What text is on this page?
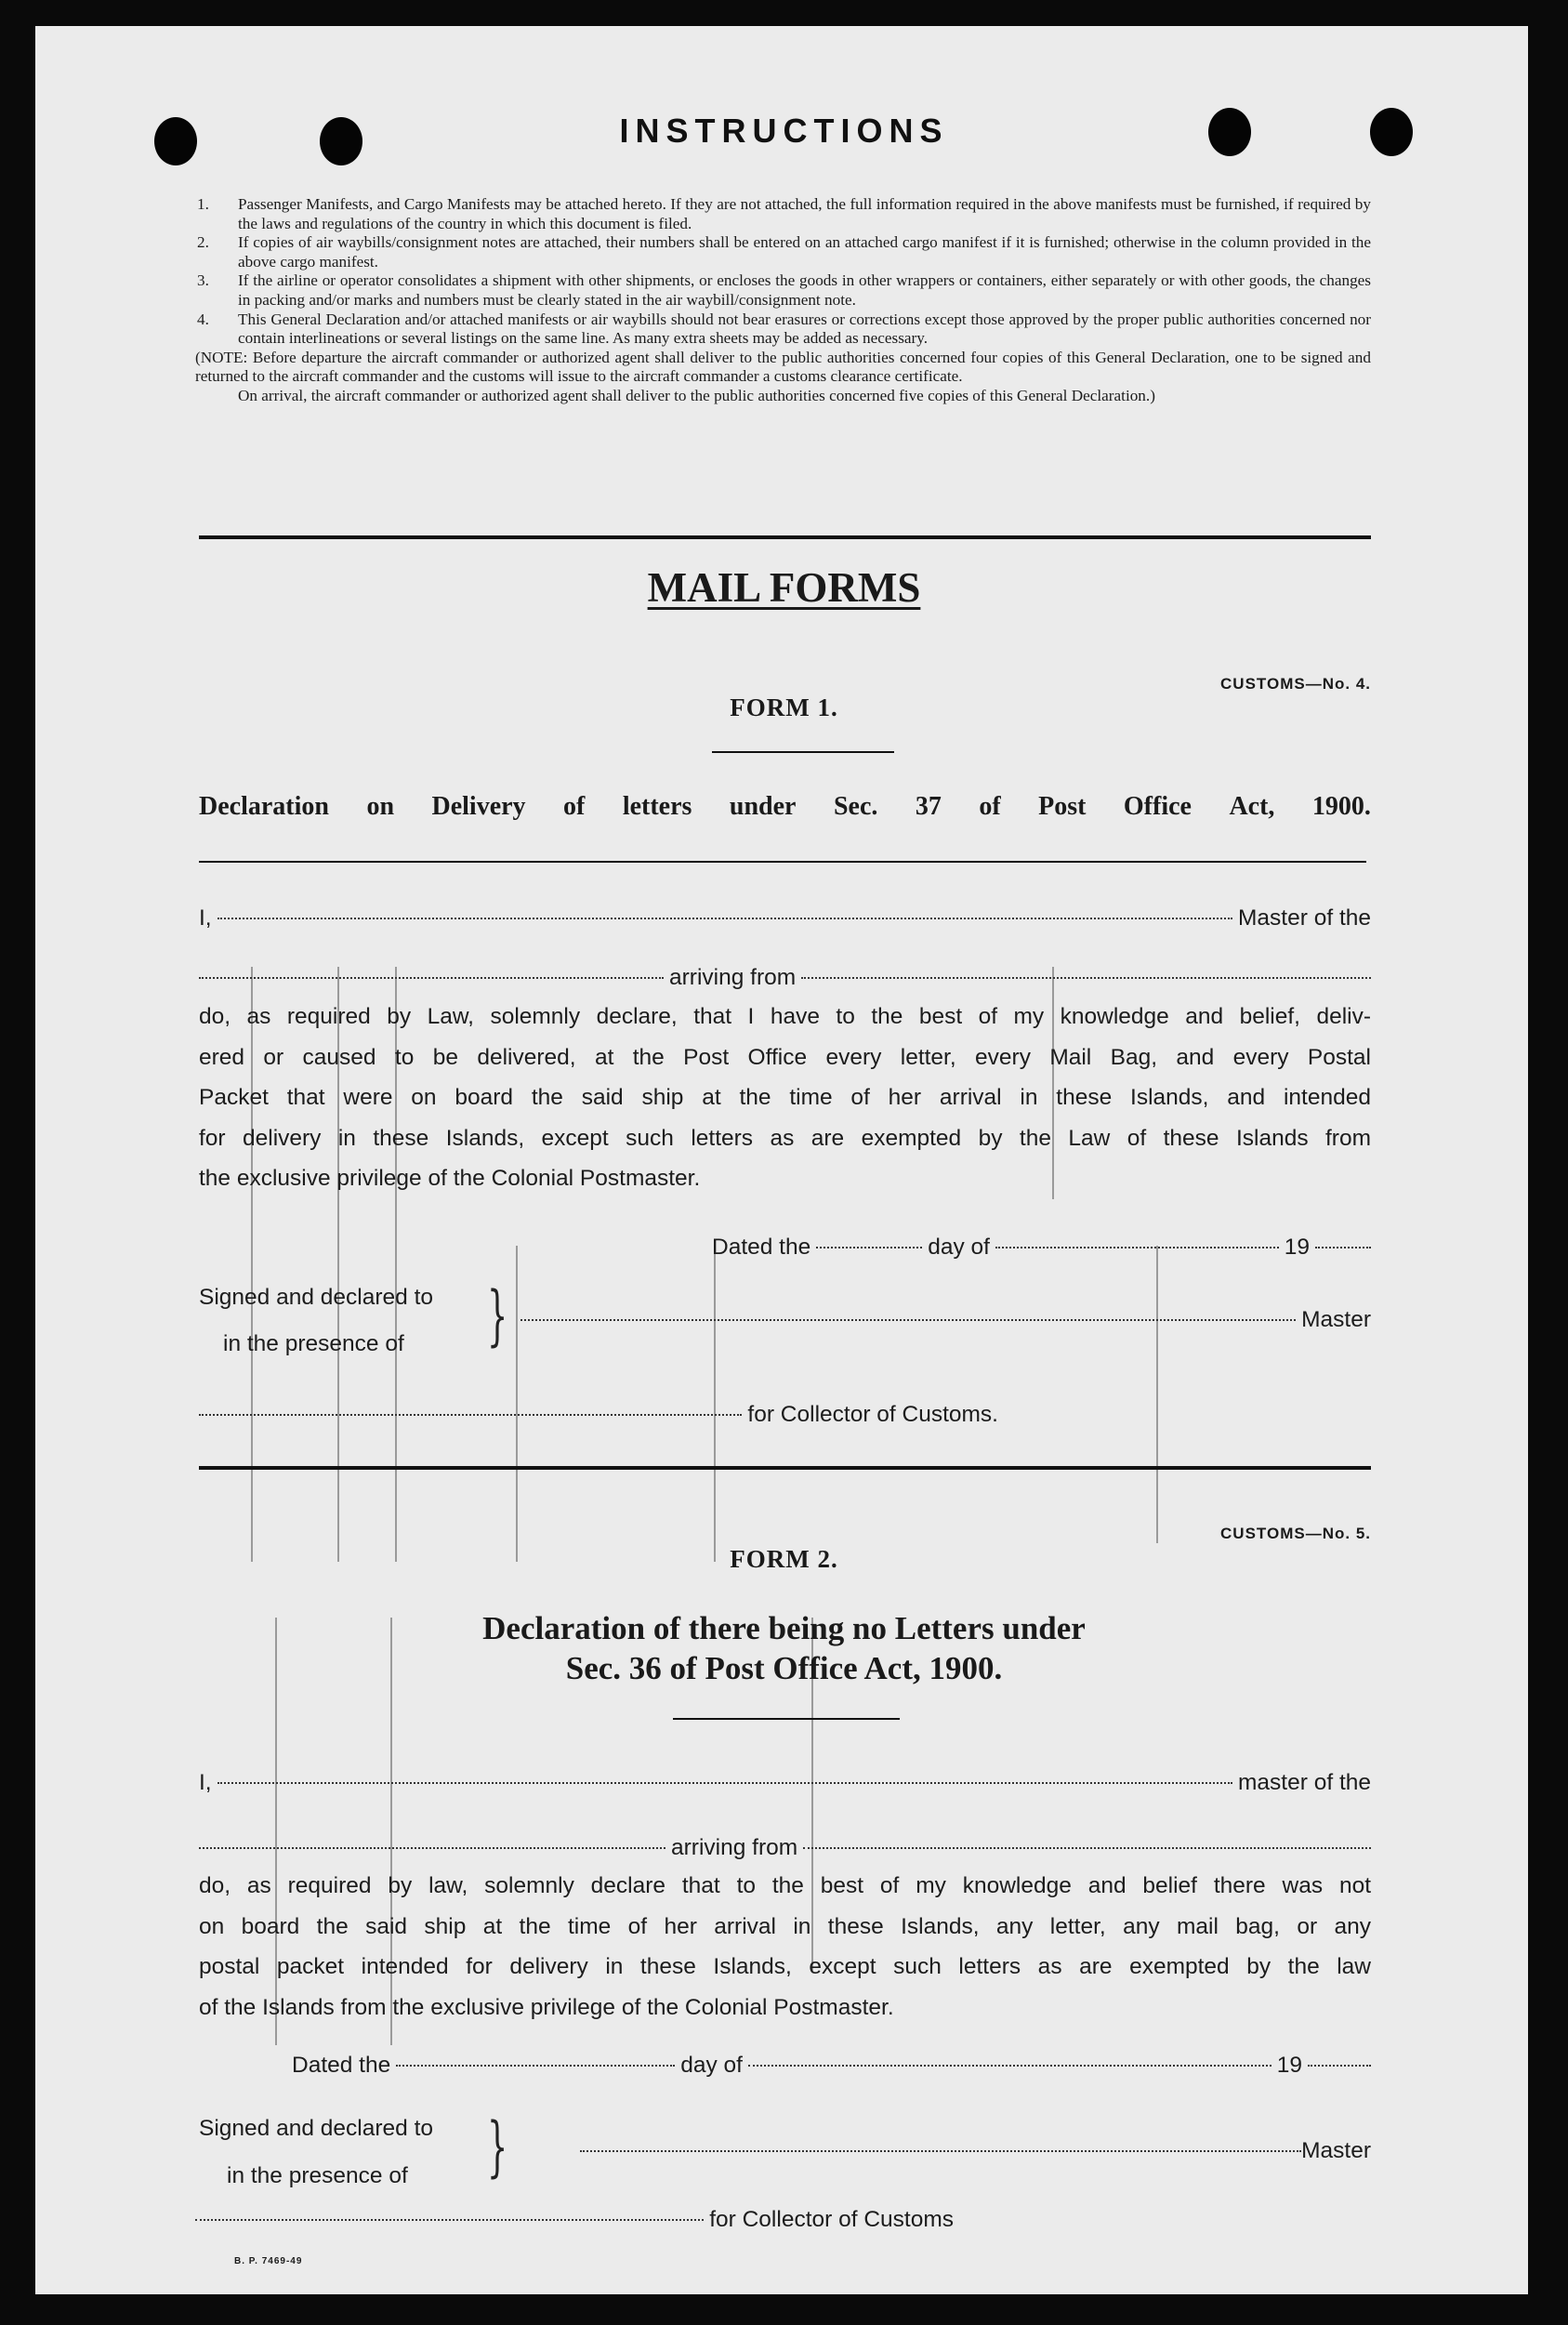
INSTRUCTIONS
1. Passenger Manifests, and Cargo Manifests may be attached hereto. If they are not attached, the full information required in the above manifests must be furnished, if required by the laws and regulations of the country in which this document is filed.
2. If copies of air waybills/consignment notes are attached, their numbers shall be entered on an attached cargo manifest if it is furnished; otherwise in the column provided in the above cargo manifest.
3. If the airline or operator consolidates a shipment with other shipments, or encloses the goods in other wrappers or containers, either separately or with other goods, the changes in packing and/or marks and numbers must be clearly stated in the air waybill/consignment note.
4. This General Declaration and/or attached manifests or air waybills should not bear erasures or corrections except those approved by the proper public authorities concerned nor contain interlineations or several listings on the same line. As many extra sheets may be added as necessary.

(NOTE: Before departure the aircraft commander or authorized agent shall deliver to the public authorities concerned four copies of this General Declaration, one to be signed and returned to the aircraft commander and the customs will issue to the aircraft commander a customs clearance certificate.

On arrival, the aircraft commander or authorized agent shall deliver to the public authorities concerned five copies of this General Declaration.)

MAIL FORMS
CUSTOMS—No. 4.
FORM 1.
Declaration on Delivery of letters under Sec. 37 of Post Office Act, 1900.
I,	Master of the
arriving from
do, as required by Law, solemnly declare, that I have to the best of my knowledge and belief, deliv-
ered or caused to be delivered, at the Post Office every letter, every Mail Bag, and every Postal
Packet that were on board the said ship at the time of her arrival in these Islands, and intended
for delivery in these Islands, except such letters as are exempted by the Law of these Islands from
the exclusive privilege of the Colonial Postmaster.
Dated the	day of	19
Signed and declared to
in the presence of }	Master
for Collector of Customs.
CUSTOMS—No. 5.
FORM 2.
Declaration of there being no Letters under
Sec. 36 of Post Office Act, 1900.
I,	master of the
arriving from
do, as required by law, solemnly declare that to the best of my knowledge and belief there was not
on board the said ship at the time of her arrival in these Islands, any letter, any mail bag, or any
postal packet intended for delivery in these Islands, except such letters as are exempted by the law
of the Islands from the exclusive privilege of the Colonial Postmaster.
Dated the	day of	19
Signed and declared to
in the presence of }	Master
for Collector of Customs
B. P. 7469-49
